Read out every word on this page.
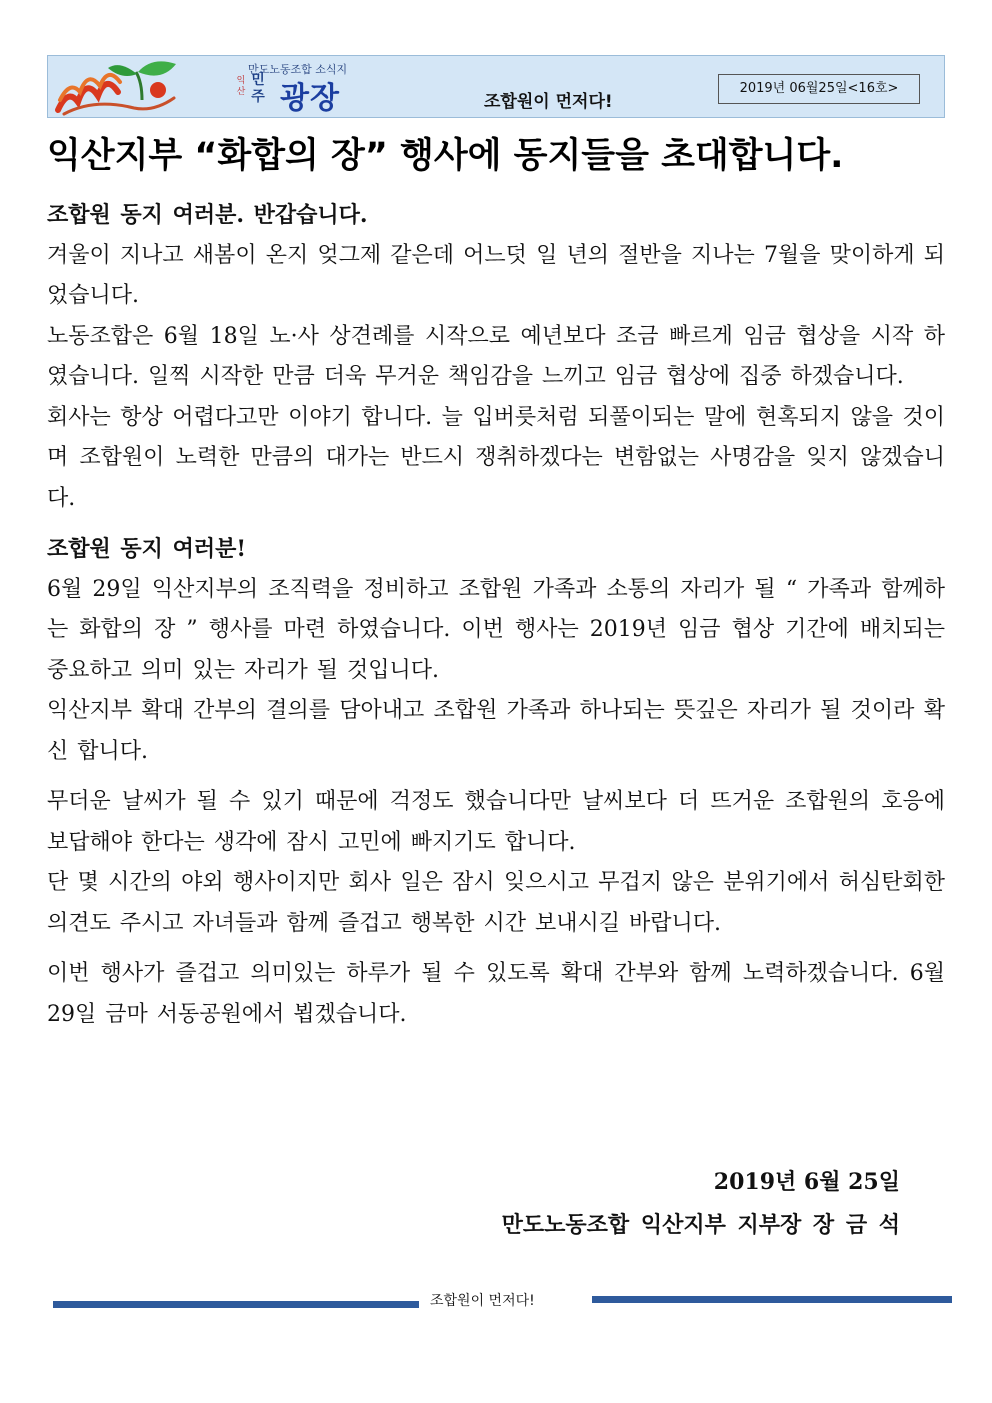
만도노동조합 소식지
익산
민주 광장	조합원이 먼저다!
2019년 06월25일<16호>
익산지부 “화합의 장” 행사에 동지들을 초대합니다.

조합원 동지 여러분. 반갑습니다.

겨울이 지나고 새봄이 온지 엊그제 같은데 어느덧 일 년의 절반을 지나는 7월을 맞이하게 되었습니다.

노동조합은 6월 18일 노·사 상견례를 시작으로 예년보다 조금 빠르게 임금 협상을 시작 하였습니다. 일찍 시작한 만큼 더욱 무거운 책임감을 느끼고 임금 협상에 집중 하겠습니다.

회사는 항상 어렵다고만 이야기 합니다. 늘 입버릇처럼 되풀이되는 말에 현혹되지 않을 것이며 조합원이 노력한 만큼의 대가는 반드시 쟁취하겠다는 변함없는 사명감을 잊지 않겠습니다.

조합원 동지 여러분!

6월 29일 익산지부의 조직력을 정비하고 조합원 가족과 소통의 자리가 될 “ 가족과 함께하는 화합의 장 ” 행사를 마련 하였습니다. 이번 행사는 2019년 임금 협상 기간에 배치되는 중요하고 의미 있는 자리가 될 것입니다.

익산지부 확대 간부의 결의를 담아내고 조합원 가족과 하나되는 뜻깊은 자리가 될 것이라 확신 합니다.

무더운 날씨가 될 수 있기 때문에 걱정도 했습니다만 날씨보다 더 뜨거운 조합원의 호응에 보답해야 한다는 생각에 잠시 고민에 빠지기도 합니다.

단 몇 시간의 야외 행사이지만 회사 일은 잠시 잊으시고 무겁지 않은 분위기에서 허심탄회한 의견도 주시고 자녀들과 함께 즐겁고 행복한 시간 보내시길 바랍니다.

이번 행사가 즐겁고 의미있는 하루가 될 수 있도록 확대 간부와 함께 노력하겠습니다. 6월 29일 금마 서동공원에서 뵙겠습니다.

2019년 6월 25일
만도노동조합 익산지부 지부장 장 금 석
조합원이 먼저다!
